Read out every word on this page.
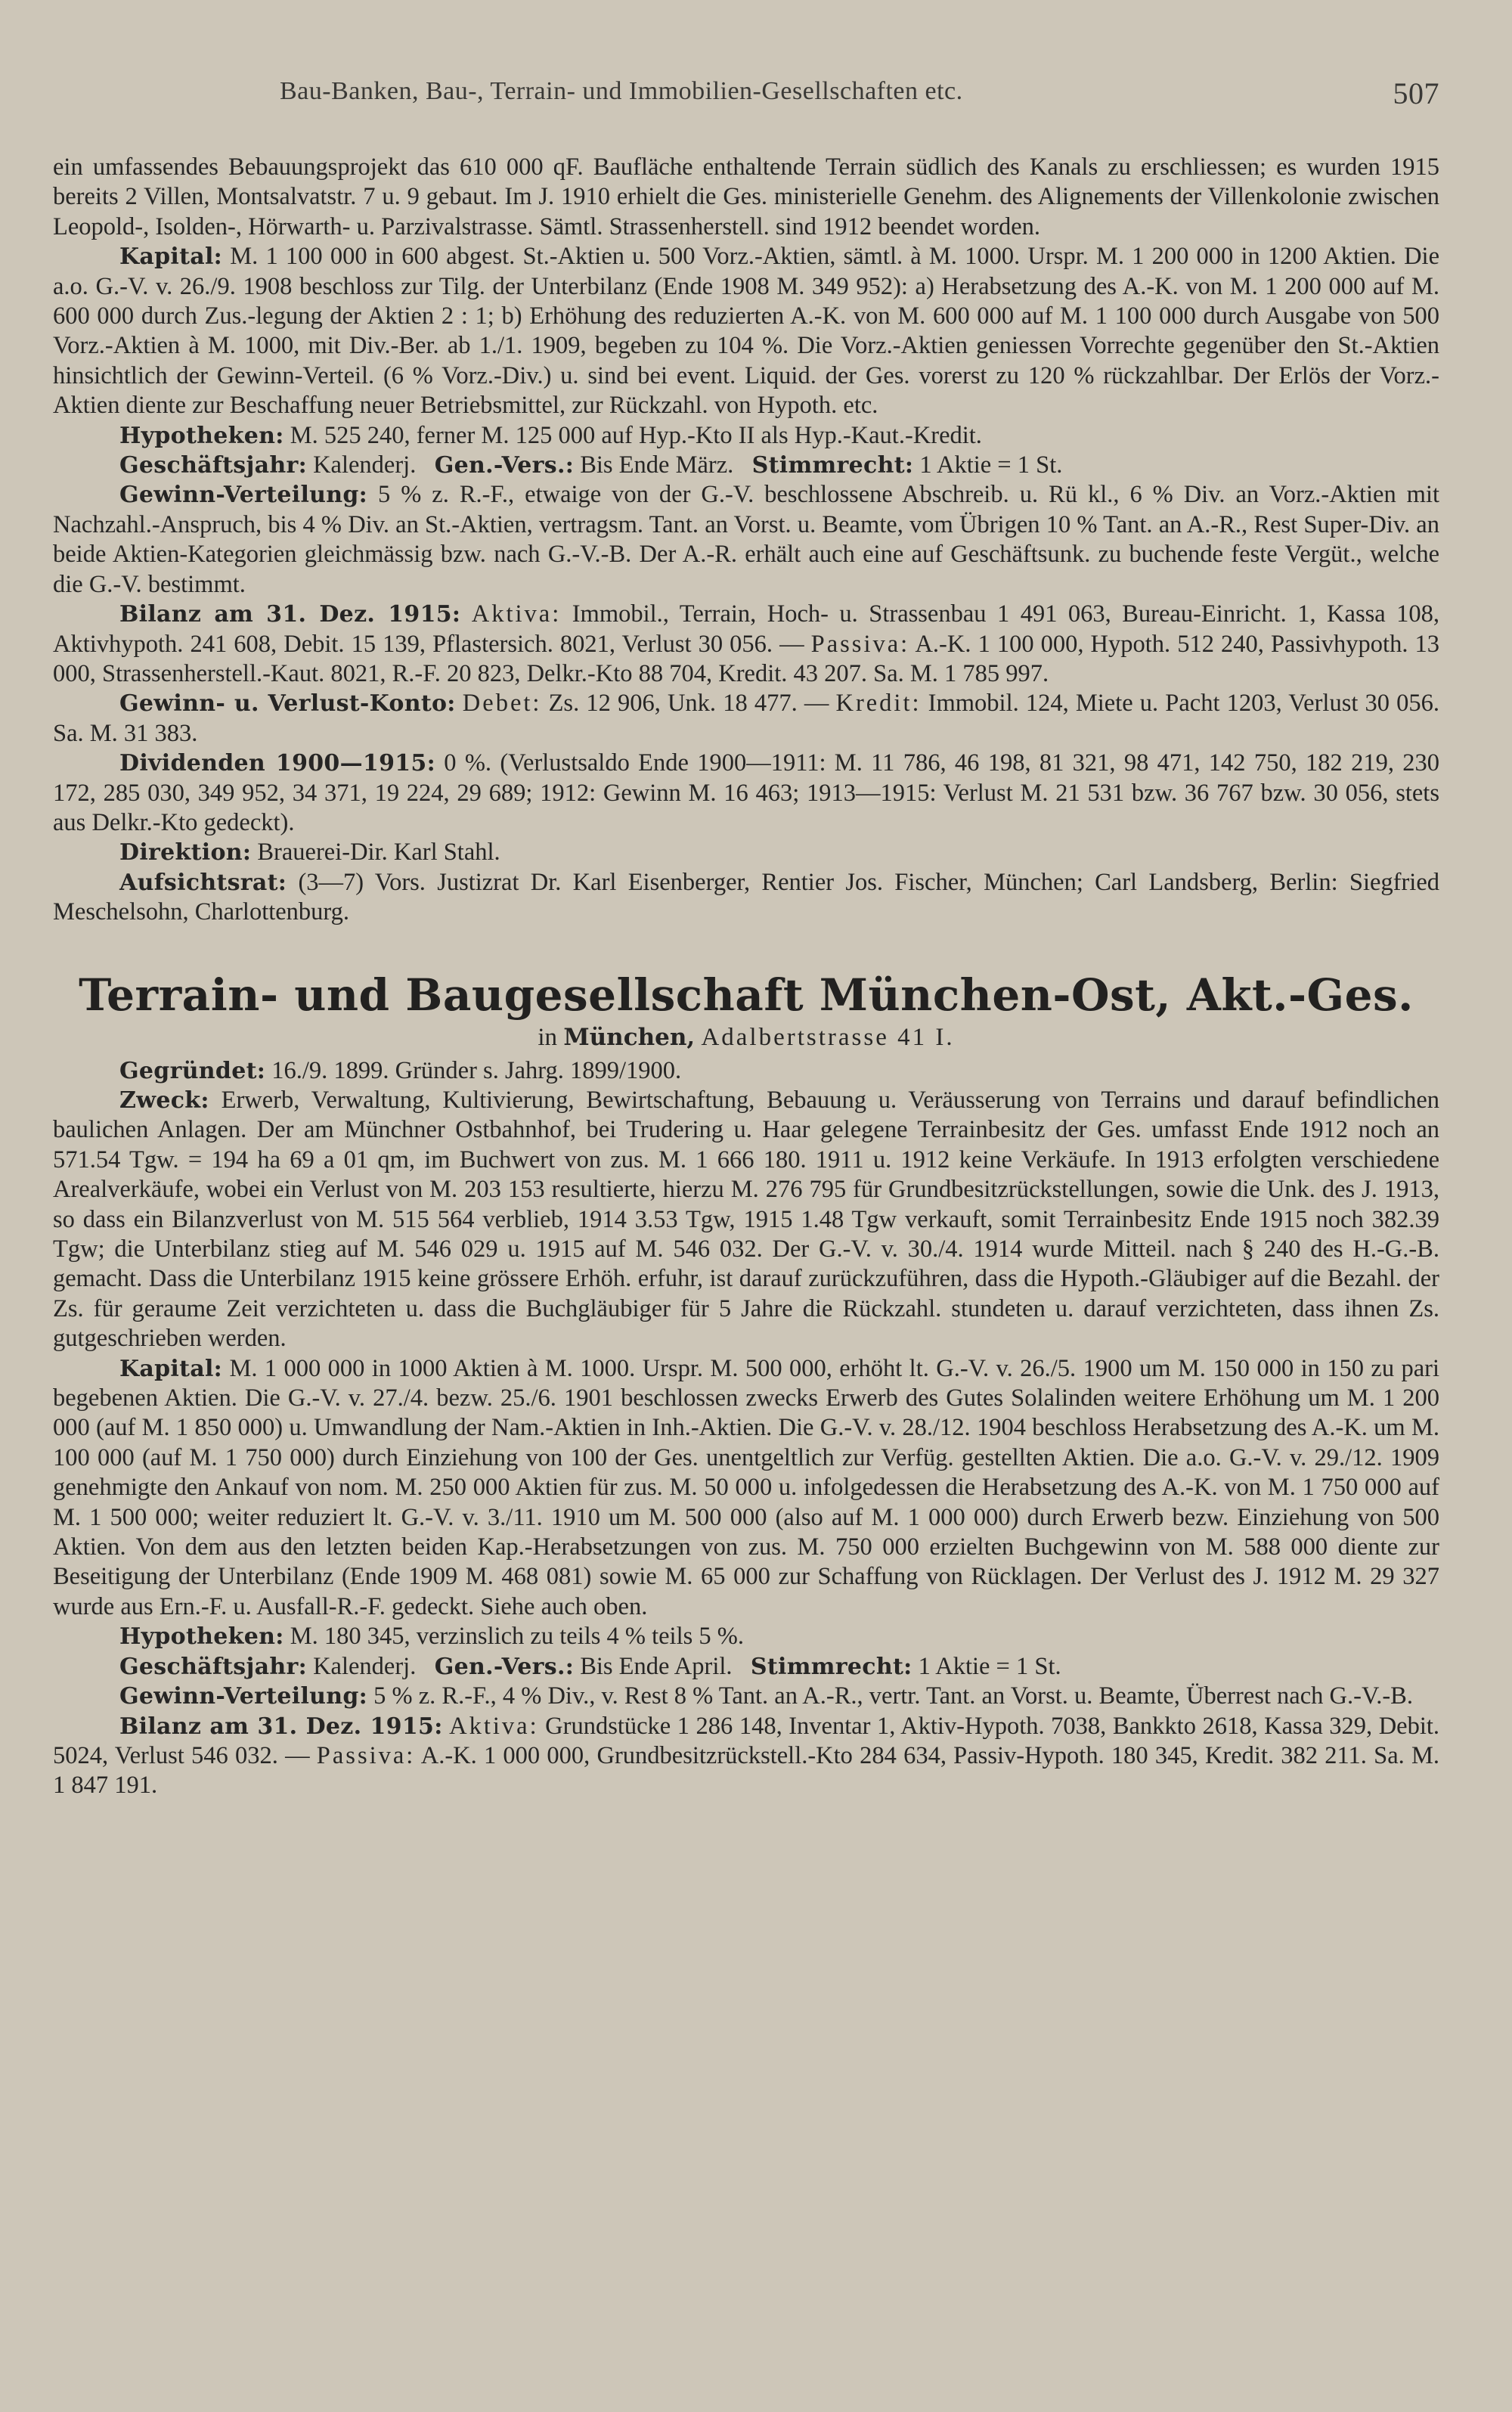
Bau-Banken, Bau-, Terrain- und Immobilien-Gesellschaften etc.	507

ein umfassendes Bebauungsprojekt das 610 000 qF. Baufläche enthaltende Terrain südlich des Kanals zu erschliessen; es wurden 1915 bereits 2 Villen, Montsalvatstr. 7 u. 9 gebaut. Im J. 1910 erhielt die Ges. ministerielle Genehm. des Alignements der Villenkolonie zwischen Leopold-, Isolden-, Hörwarth- u. Parzivalstrasse. Sämtl. Strassenherstell. sind 1912 beendet worden.

Kapital: M. 1 100 000 in 600 abgest. St.-Aktien u. 500 Vorz.-Aktien, sämtl. à M. 1000. Urspr. M. 1 200 000 in 1200 Aktien. Die a.o. G.-V. v. 26./9. 1908 beschloss zur Tilg. der Unterbilanz (Ende 1908 M. 349 952): a) Herabsetzung des A.-K. von M. 1 200 000 auf M. 600 000 durch Zus.-legung der Aktien 2 : 1; b) Erhöhung des reduzierten A.-K. von M. 600 000 auf M. 1 100 000 durch Ausgabe von 500 Vorz.-Aktien à M. 1000, mit Div.-Ber. ab 1./1. 1909, begeben zu 104 %. Die Vorz.-Aktien geniessen Vorrechte gegenüber den St.-Aktien hinsichtlich der Gewinn-Verteil. (6 % Vorz.-Div.) u. sind bei event. Liquid. der Ges. vorerst zu 120 % rückzahlbar. Der Erlös der Vorz.-Aktien diente zur Beschaffung neuer Betriebsmittel, zur Rückzahl. von Hypoth. etc.

Hypotheken: M. 525 240, ferner M. 125 000 auf Hyp.-Kto II als Hyp.-Kaut.-Kredit.

Geschäftsjahr: Kalenderj. Gen.-Vers.: Bis Ende März. Stimmrecht: 1 Aktie = 1 St.

Gewinn-Verteilung: 5 % z. R.-F., etwaige von der G.-V. beschlossene Abschreib. u. Rü kl., 6 % Div. an Vorz.-Aktien mit Nachzahl.-Anspruch, bis 4 % Div. an St.-Aktien, vertragsm. Tant. an Vorst. u. Beamte, vom Übrigen 10 % Tant. an A.-R., Rest Super-Div. an beide Aktien-Kategorien gleichmässig bzw. nach G.-V.-B. Der A.-R. erhält auch eine auf Geschäftsunk. zu buchende feste Vergüt., welche die G.-V. bestimmt.

Bilanz am 31. Dez. 1915: Aktiva: Immobil., Terrain, Hoch- u. Strassenbau 1 491 063, Bureau-Einricht. 1, Kassa 108, Aktivhypoth. 241 608, Debit. 15 139, Pflastersich. 8021, Verlust 30 056. — Passiva: A.-K. 1 100 000, Hypoth. 512 240, Passivhypoth. 13 000, Strassenherstell.-Kaut. 8021, R.-F. 20 823, Delkr.-Kto 88 704, Kredit. 43 207. Sa. M. 1 785 997.

Gewinn- u. Verlust-Konto: Debet: Zs. 12 906, Unk. 18 477. — Kredit: Immobil. 124, Miete u. Pacht 1203, Verlust 30 056. Sa. M. 31 383.

Dividenden 1900—1915: 0 %. (Verlustsaldo Ende 1900—1911: M. 11 786, 46 198, 81 321, 98 471, 142 750, 182 219, 230 172, 285 030, 349 952, 34 371, 19 224, 29 689; 1912: Gewinn M. 16 463; 1913—1915: Verlust M. 21 531 bzw. 36 767 bzw. 30 056, stets aus Delkr.-Kto gedeckt).

Direktion: Brauerei-Dir. Karl Stahl.

Aufsichtsrat: (3—7) Vors. Justizrat Dr. Karl Eisenberger, Rentier Jos. Fischer, München; Carl Landsberg, Berlin: Siegfried Meschelsohn, Charlottenburg.

Terrain- und Baugesellschaft München-Ost, Akt.-Ges.
in München, Adalbertstrasse 41 I.

Gegründet: 16./9. 1899. Gründer s. Jahrg. 1899/1900.

Zweck: Erwerb, Verwaltung, Kultivierung, Bewirtschaftung, Bebauung u. Veräusserung von Terrains und darauf befindlichen baulichen Anlagen. Der am Münchner Ostbahnhof, bei Trudering u. Haar gelegene Terrainbesitz der Ges. umfasst Ende 1912 noch an 571.54 Tgw. = 194 ha 69 a 01 qm, im Buchwert von zus. M. 1 666 180. 1911 u. 1912 keine Verkäufe. In 1913 erfolgten verschiedene Arealverkäufe, wobei ein Verlust von M. 203 153 resultierte, hierzu M. 276 795 für Grundbesitzrückstellungen, sowie die Unk. des J. 1913, so dass ein Bilanzverlust von M. 515 564 verblieb, 1914 3.53 Tgw, 1915 1.48 Tgw verkauft, somit Terrainbesitz Ende 1915 noch 382.39 Tgw; die Unterbilanz stieg auf M. 546 029 u. 1915 auf M. 546 032. Der G.-V. v. 30./4. 1914 wurde Mitteil. nach § 240 des H.-G.-B. gemacht. Dass die Unterbilanz 1915 keine grössere Erhöh. erfuhr, ist darauf zurückzuführen, dass die Hypoth.-Gläubiger auf die Bezahl. der Zs. für geraume Zeit verzichteten u. dass die Buchgläubiger für 5 Jahre die Rückzahl. stundeten u. darauf verzichteten, dass ihnen Zs. gutgeschrieben werden.

Kapital: M. 1 000 000 in 1000 Aktien à M. 1000. Urspr. M. 500 000, erhöht lt. G.-V. v. 26./5. 1900 um M. 150 000 in 150 zu pari begebenen Aktien. Die G.-V. v. 27./4. bezw. 25./6. 1901 beschlossen zwecks Erwerb des Gutes Solalinden weitere Erhöhung um M. 1 200 000 (auf M. 1 850 000) u. Umwandlung der Nam.-Aktien in Inh.-Aktien. Die G.-V. v. 28./12. 1904 beschloss Herabsetzung des A.-K. um M. 100 000 (auf M. 1 750 000) durch Einziehung von 100 der Ges. unentgeltlich zur Verfüg. gestellten Aktien. Die a.o. G.-V. v. 29./12. 1909 genehmigte den Ankauf von nom. M. 250 000 Aktien für zus. M. 50 000 u. infolgedessen die Herabsetzung des A.-K. von M. 1 750 000 auf M. 1 500 000; weiter reduziert lt. G.-V. v. 3./11. 1910 um M. 500 000 (also auf M. 1 000 000) durch Erwerb bezw. Einziehung von 500 Aktien. Von dem aus den letzten beiden Kap.-Herabsetzungen von zus. M. 750 000 erzielten Buchgewinn von M. 588 000 diente zur Beseitigung der Unterbilanz (Ende 1909 M. 468 081) sowie M. 65 000 zur Schaffung von Rücklagen. Der Verlust des J. 1912 M. 29 327 wurde aus Ern.-F. u. Ausfall-R.-F. gedeckt. Siehe auch oben.

Hypotheken: M. 180 345, verzinslich zu teils 4 % teils 5 %.

Geschäftsjahr: Kalenderj. Gen.-Vers.: Bis Ende April. Stimmrecht: 1 Aktie = 1 St.

Gewinn-Verteilung: 5 % z. R.-F., 4 % Div., v. Rest 8 % Tant. an A.-R., vertr. Tant. an Vorst. u. Beamte, Überrest nach G.-V.-B.

Bilanz am 31. Dez. 1915: Aktiva: Grundstücke 1 286 148, Inventar 1, Aktiv-Hypoth. 7038, Bankkto 2618, Kassa 329, Debit. 5024, Verlust 546 032. — Passiva: A.-K. 1 000 000, Grundbesitzrückstell.-Kto 284 634, Passiv-Hypoth. 180 345, Kredit. 382 211. Sa. M. 1 847 191.
